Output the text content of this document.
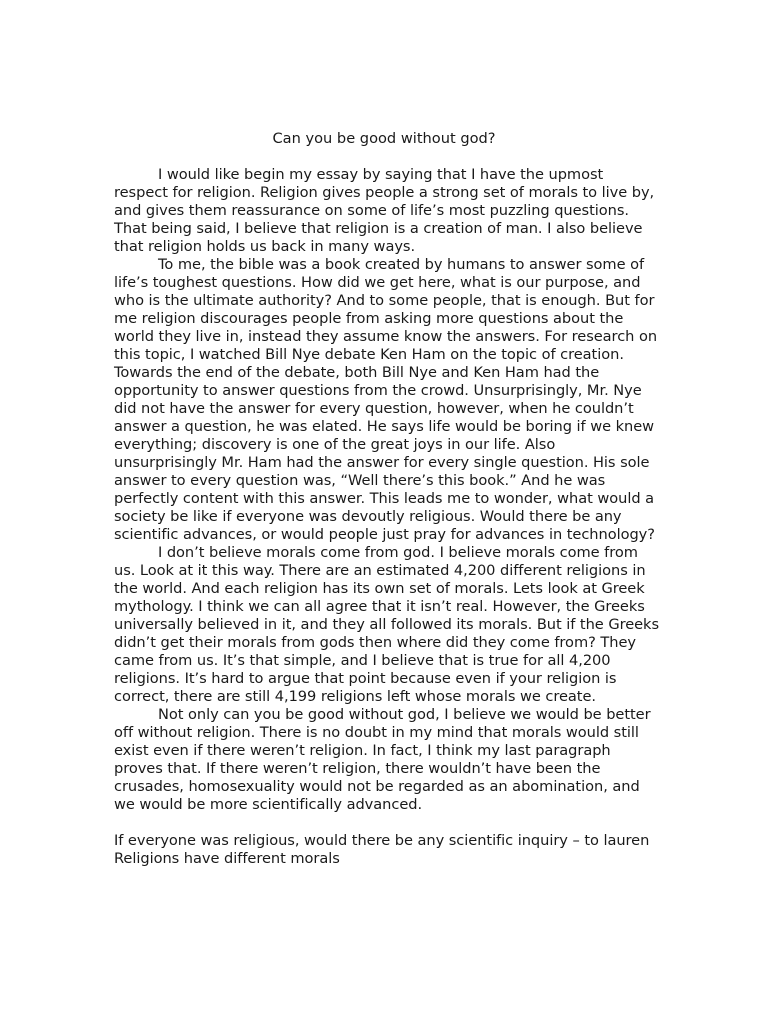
Can you be good without god?

I would like begin my essay by saying that I have the upmost respect for religion. Religion gives people a strong set of morals to live by, and gives them reassurance on some of life’s most puzzling questions. That being said, I believe that religion is a creation of man. I also believe that religion holds us back in many ways.

To me, the bible was a book created by humans to answer some of life’s toughest questions. How did we get here, what is our purpose, and who is the ultimate authority? And to some people, that is enough. But for me religion discourages people from asking more questions about the world they live in, instead they assume know the answers. For research on this topic, I watched Bill Nye debate Ken Ham on the topic of creation. Towards the end of the debate, both Bill Nye and Ken Ham had the opportunity to answer questions from the crowd. Unsurprisingly, Mr. Nye did not have the answer for every question, however, when he couldn’t answer a question, he was elated. He says life would be boring if we knew everything; discovery is one of the great joys in our life. Also unsurprisingly Mr. Ham had the answer for every single question. His sole answer to every question was, “Well there’s this book.” And he was perfectly content with this answer. This leads me to wonder, what would a society be like if everyone was devoutly religious. Would there be any scientific advances, or would people just pray for advances in technology?

I don’t believe morals come from god. I believe morals come from us. Look at it this way. There are an estimated 4,200 different religions in the world. And each religion has its own set of morals. Lets look at Greek mythology. I think we can all agree that it isn’t real. However, the Greeks universally believed in it, and they all followed its morals. But if the Greeks didn’t get their morals from gods then where did they come from? They came from us. It’s that simple, and I believe that is true for all 4,200 religions. It’s hard to argue that point because even if your religion is correct, there are still 4,199 religions left whose morals we create.

Not only can you be good without god, I believe we would be better off without religion. There is no doubt in my mind that morals would still exist even if there weren’t religion. In fact, I think my last paragraph proves that. If there weren’t religion, there wouldn’t have been the crusades, homosexuality would not be regarded as an abomination, and we would be more scientifically advanced.

If everyone was religious, would there be any scientific inquiry – to lauren

Religions have different morals
